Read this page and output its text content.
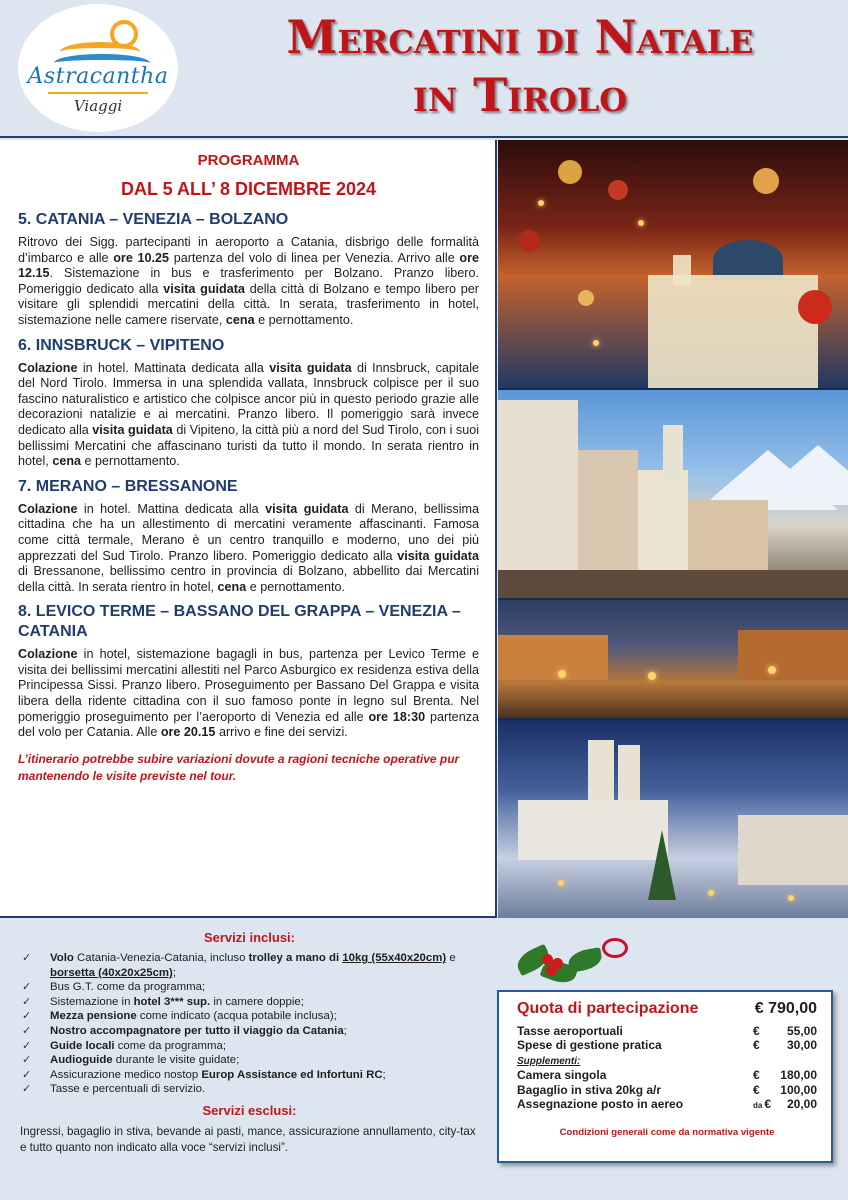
Astracantha
Viaggi
Mercatini di Natale
in Tirolo
PROGRAMMA
DAL 5 ALL’ 8 DICEMBRE 2024
5. CATANIA – VENEZIA – BOLZANO

Ritrovo dei Sigg. partecipanti in aeroporto a Catania, disbrigo delle formalità d’imbarco e alle ore 10.25 partenza del volo di linea per Venezia. Arrivo alle ore 12.15. Sistemazione in bus e trasferimento per Bolzano. Pranzo libero. Pomeriggio dedicato alla visita guidata della città di Bolzano e tempo libero per visitare gli splendidi mercatini della città. In serata, trasferimento in hotel, sistemazione nelle camere riservate, cena e pernottamento.

6. INNSBRUCK – VIPITENO

Colazione in hotel. Mattinata dedicata alla visita guidata di Innsbruck, capitale del Nord Tirolo. Immersa in una splendida vallata, Innsbruck colpisce per il suo fascino naturalistico e artistico che colpisce ancor più in questo periodo grazie alle decorazioni natalizie e ai mercatini. Pranzo libero. Il pomeriggio sarà invece dedicato alla visita guidata di Vipiteno, la città più a nord del Sud Tirolo, con i suoi bellissimi Mercatini che affascinano turisti da tutto il mondo. In serata rientro in hotel, cena e pernottamento.

7. MERANO – BRESSANONE

Colazione in hotel. Mattina dedicata alla visita guidata di Merano, bellissima cittadina che ha un allestimento di mercatini veramente affascinanti. Famosa come città termale, Merano è un centro tranquillo e moderno, uno dei più apprezzati del Sud Tirolo. Pranzo libero. Pomeriggio dedicato alla visita guidata di Bressanone, bellissimo centro in provincia di Bolzano, abbellito dai Mercatini della città. In serata rientro in hotel, cena e pernottamento.

8. LEVICO TERME – BASSANO DEL GRAPPA – VENEZIA – CATANIA

Colazione in hotel, sistemazione bagagli in bus, partenza per Levico Terme e visita dei bellissimi mercatini allestiti nel Parco Asburgico ex residenza estiva della Principessa Sissi. Pranzo libero. Proseguimento per Bassano Del Grappa e visita libera della ridente cittadina con il suo famoso ponte in legno sul Brenta. Nel pomeriggio proseguimento per l’aeroporto di Venezia ed alle ore 18:30 partenza del volo per Catania. Alle ore 20.15 arrivo e fine dei servizi.

L’itinerario potrebbe subire variazioni dovute a ragioni tecniche operative pur mantenendo le visite previste nel tour.
Servizi inclusi:
✓ Volo Catania-Venezia-Catania, incluso trolley a mano di 10kg (55x40x20cm) e borsetta (40x20x25cm);
✓ Bus G.T. come da programma;
✓ Sistemazione in hotel 3*** sup. in camere doppie;
✓ Mezza pensione come indicato (acqua potabile inclusa);
✓ Nostro accompagnatore per tutto il viaggio da Catania;
✓ Guide locali come da programma;
✓ Audioguide durante le visite guidate;
✓ Assicurazione medico nostop Europ Assistance ed Infortuni RC;
✓ Tasse e percentuali di servizio.
Servizi esclusi:
Ingressi, bagaglio in stiva, bevande ai pasti, mance, assicurazione annullamento, city-tax e tutto quanto non indicato alla voce “servizi inclusi”.
Quota di partecipazione	€ 790,00
Tasse aeroportuali	€ 55,00
Spese di gestione pratica	€ 30,00
Supplementi:
Camera singola	€ 180,00
Bagaglio in stiva 20kg a/r	€ 100,00
Assegnazione posto in aereo	da € 20,00
Condizioni generali come da normativa vigente
